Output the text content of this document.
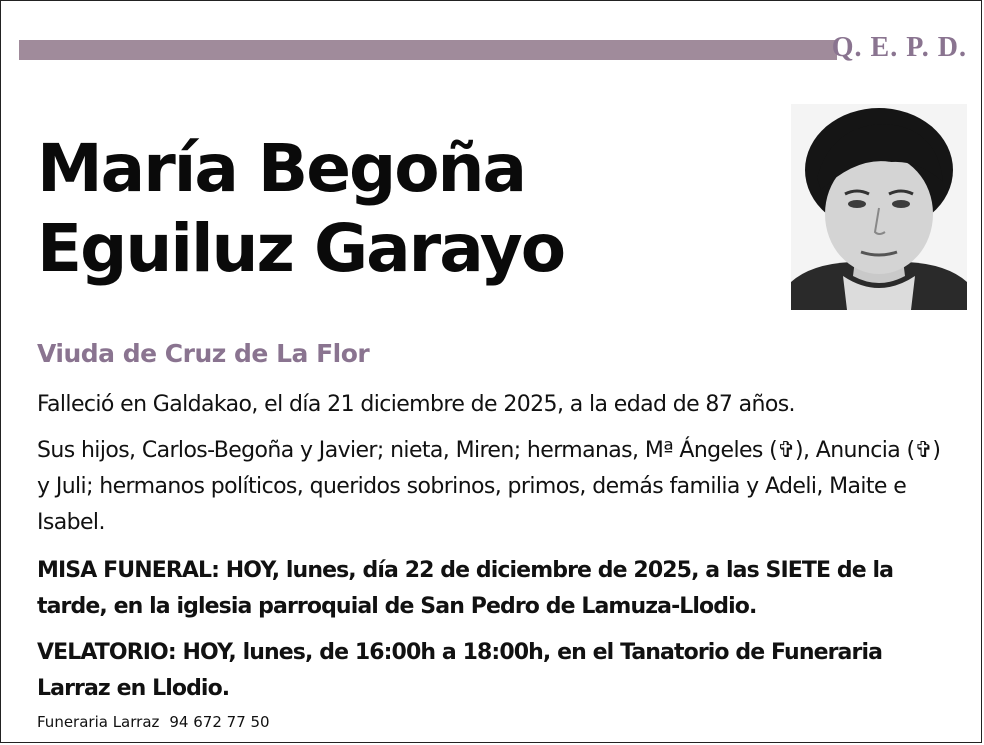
Q. E. P. D.
María Begoña
Eguiluz Garayo
Viuda de Cruz de La Flor
Falleció en Galdakao, el día 21 diciembre de 2025, a la edad de 87 años.
Sus hijos, Carlos-Begoña y Javier; nieta, Miren; hermanas, Mª Ángeles (✞), Anuncia (✞) y Juli; hermanos políticos, queridos sobrinos, primos, demás familia y Adeli, Maite e Isabel.
MISA FUNERAL: HOY, lunes, día 22 de diciembre de 2025, a las SIETE de la tarde, en la iglesia parroquial de San Pedro de Lamuza-Llodio.
VELATORIO: HOY, lunes, de 16:00h a 18:00h, en el Tanatorio de Funeraria Larraz en Llodio.
Funeraria Larraz 94 672 77 50
